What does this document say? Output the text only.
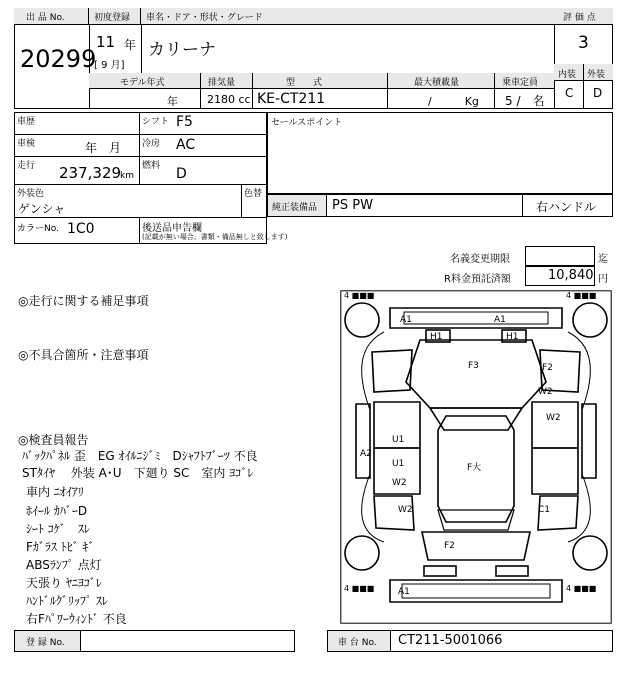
出 品 No.
20299
初度登録
11 年
[ 9 月]
車名・ドア・形状・グレード
カリーナ
評 価 点
3
内装 外装
C D
モデル年式	排気量	型　　式	最大積載量	乗車定員
年	2180 cc KE-CT211	/　　　Kg 5 /　名
車歴	シフト F5
車検	年　月 冷房 AC
走行 237,329
km
燃料 D
外装色
ゲンシャ
色替
カラーNo. 1C0	後送品申告欄
(記載が無い場合、書類・備品無しと致します)
セールスポイント
純正装備品 PS PW	右ハンドル
名義変更期限	迄
R料金預託済額	10,840 円
◎走行に関する補足事項
◎不具合箇所・注意事項
◎検査員報告
ﾊﾞｯｸﾊﾟﾈﾙ 歪　EG ｵｲﾙﾆｼﾞﾐ　Dｼｬﾌﾄﾌﾞｰﾂ 不良
STﾀｲﾔ　 外装 A･U　下廻り SC　室内 ﾖｺﾞﾚ
車内 ﾆｵｲｱﾘ
ﾎｲｰﾙ ｶﾊﾞｰD
ｼｰﾄ ｺｹﾞ　ｽﾚ
Fｶﾞﾗｽ ﾄﾋﾞ ｷﾞ
ABSﾗﾝﾌﾟ 点灯
天張り ﾔﾆﾖｺﾞﾚ
ﾊﾝﾄﾞﾙｸﾞﾘｯﾌﾟ ｽﾚ
右Fﾊﾟﾜｰｳｨﾝﾄﾞ 不良
4 ■■■	4 ■■■
4 ■■■	4 ■■■
A1	A1
H1	H1
F3	F2
W2
W2
A2
U1
U1
W2
F大
W2	C1
F2
A1
登 録 No.	車 台 No. CT211-5001066
